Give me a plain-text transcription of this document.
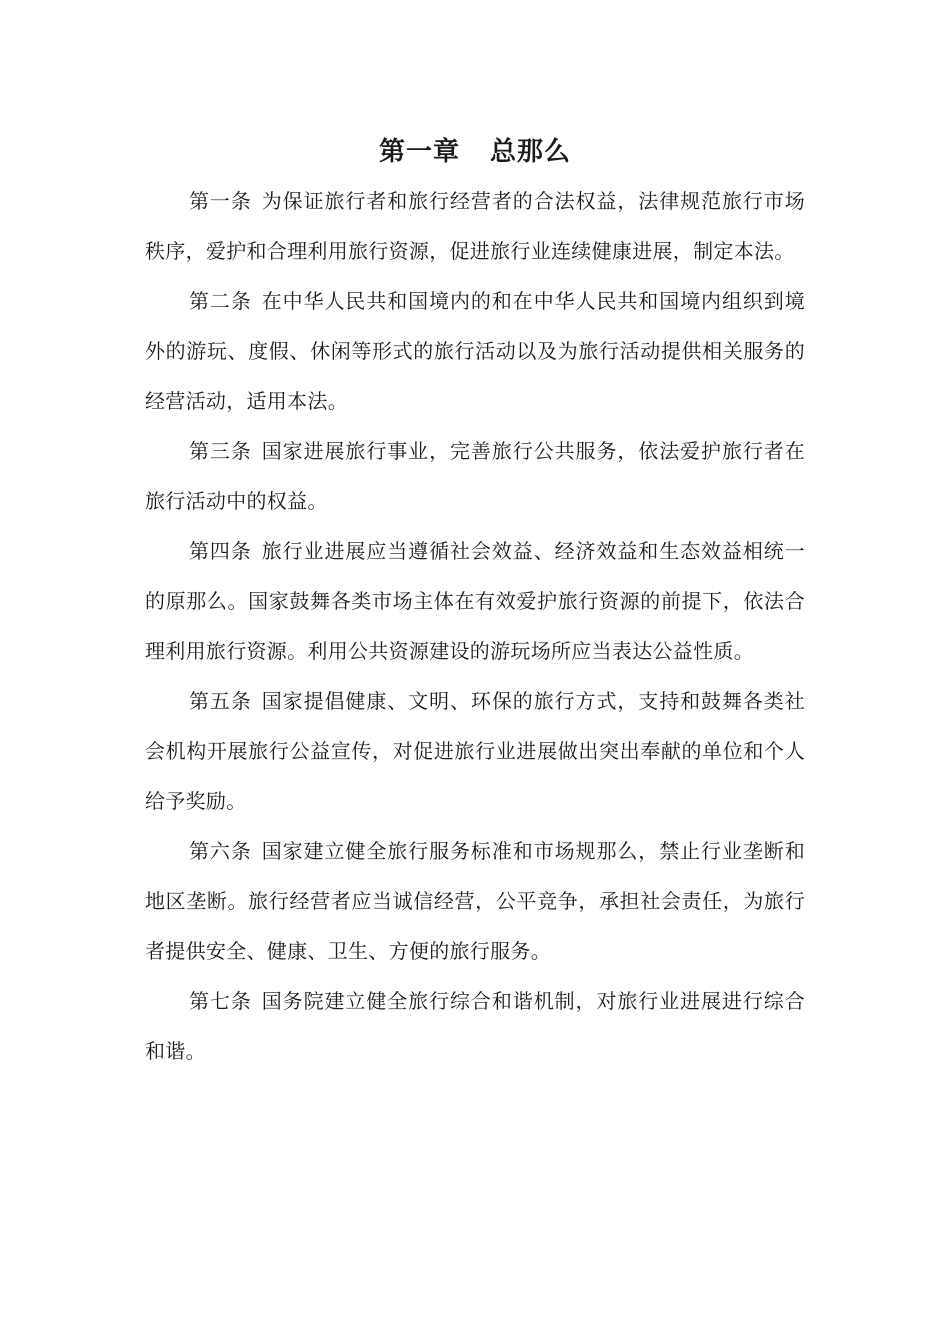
第一章 总那么

第一条 为保证旅行者和旅行经营者的合法权益，法律规范旅行市场秩序，爱护和合理利用旅行资源，促进旅行业连续健康进展，制定本法。

第二条 在中华人民共和国境内的和在中华人民共和国境内组织到境外的游玩、度假、休闲等形式的旅行活动以及为旅行活动提供相关服务的经营活动，适用本法。

第三条 国家进展旅行事业，完善旅行公共服务，依法爱护旅行者在旅行活动中的权益。

第四条 旅行业进展应当遵循社会效益、经济效益和生态效益相统一的原那么。国家鼓舞各类市场主体在有效爱护旅行资源的前提下，依法合理利用旅行资源。利用公共资源建设的游玩场所应当表达公益性质。

第五条 国家提倡健康、文明、环保的旅行方式，支持和鼓舞各类社会机构开展旅行公益宣传，对促进旅行业进展做出突出奉献的单位和个人给予奖励。

第六条 国家建立健全旅行服务标准和市场规那么，禁止行业垄断和地区垄断。旅行经营者应当诚信经营，公平竞争，承担社会责任，为旅行者提供安全、健康、卫生、方便的旅行服务。

第七条 国务院建立健全旅行综合和谐机制，对旅行业进展进行综合和谐。
